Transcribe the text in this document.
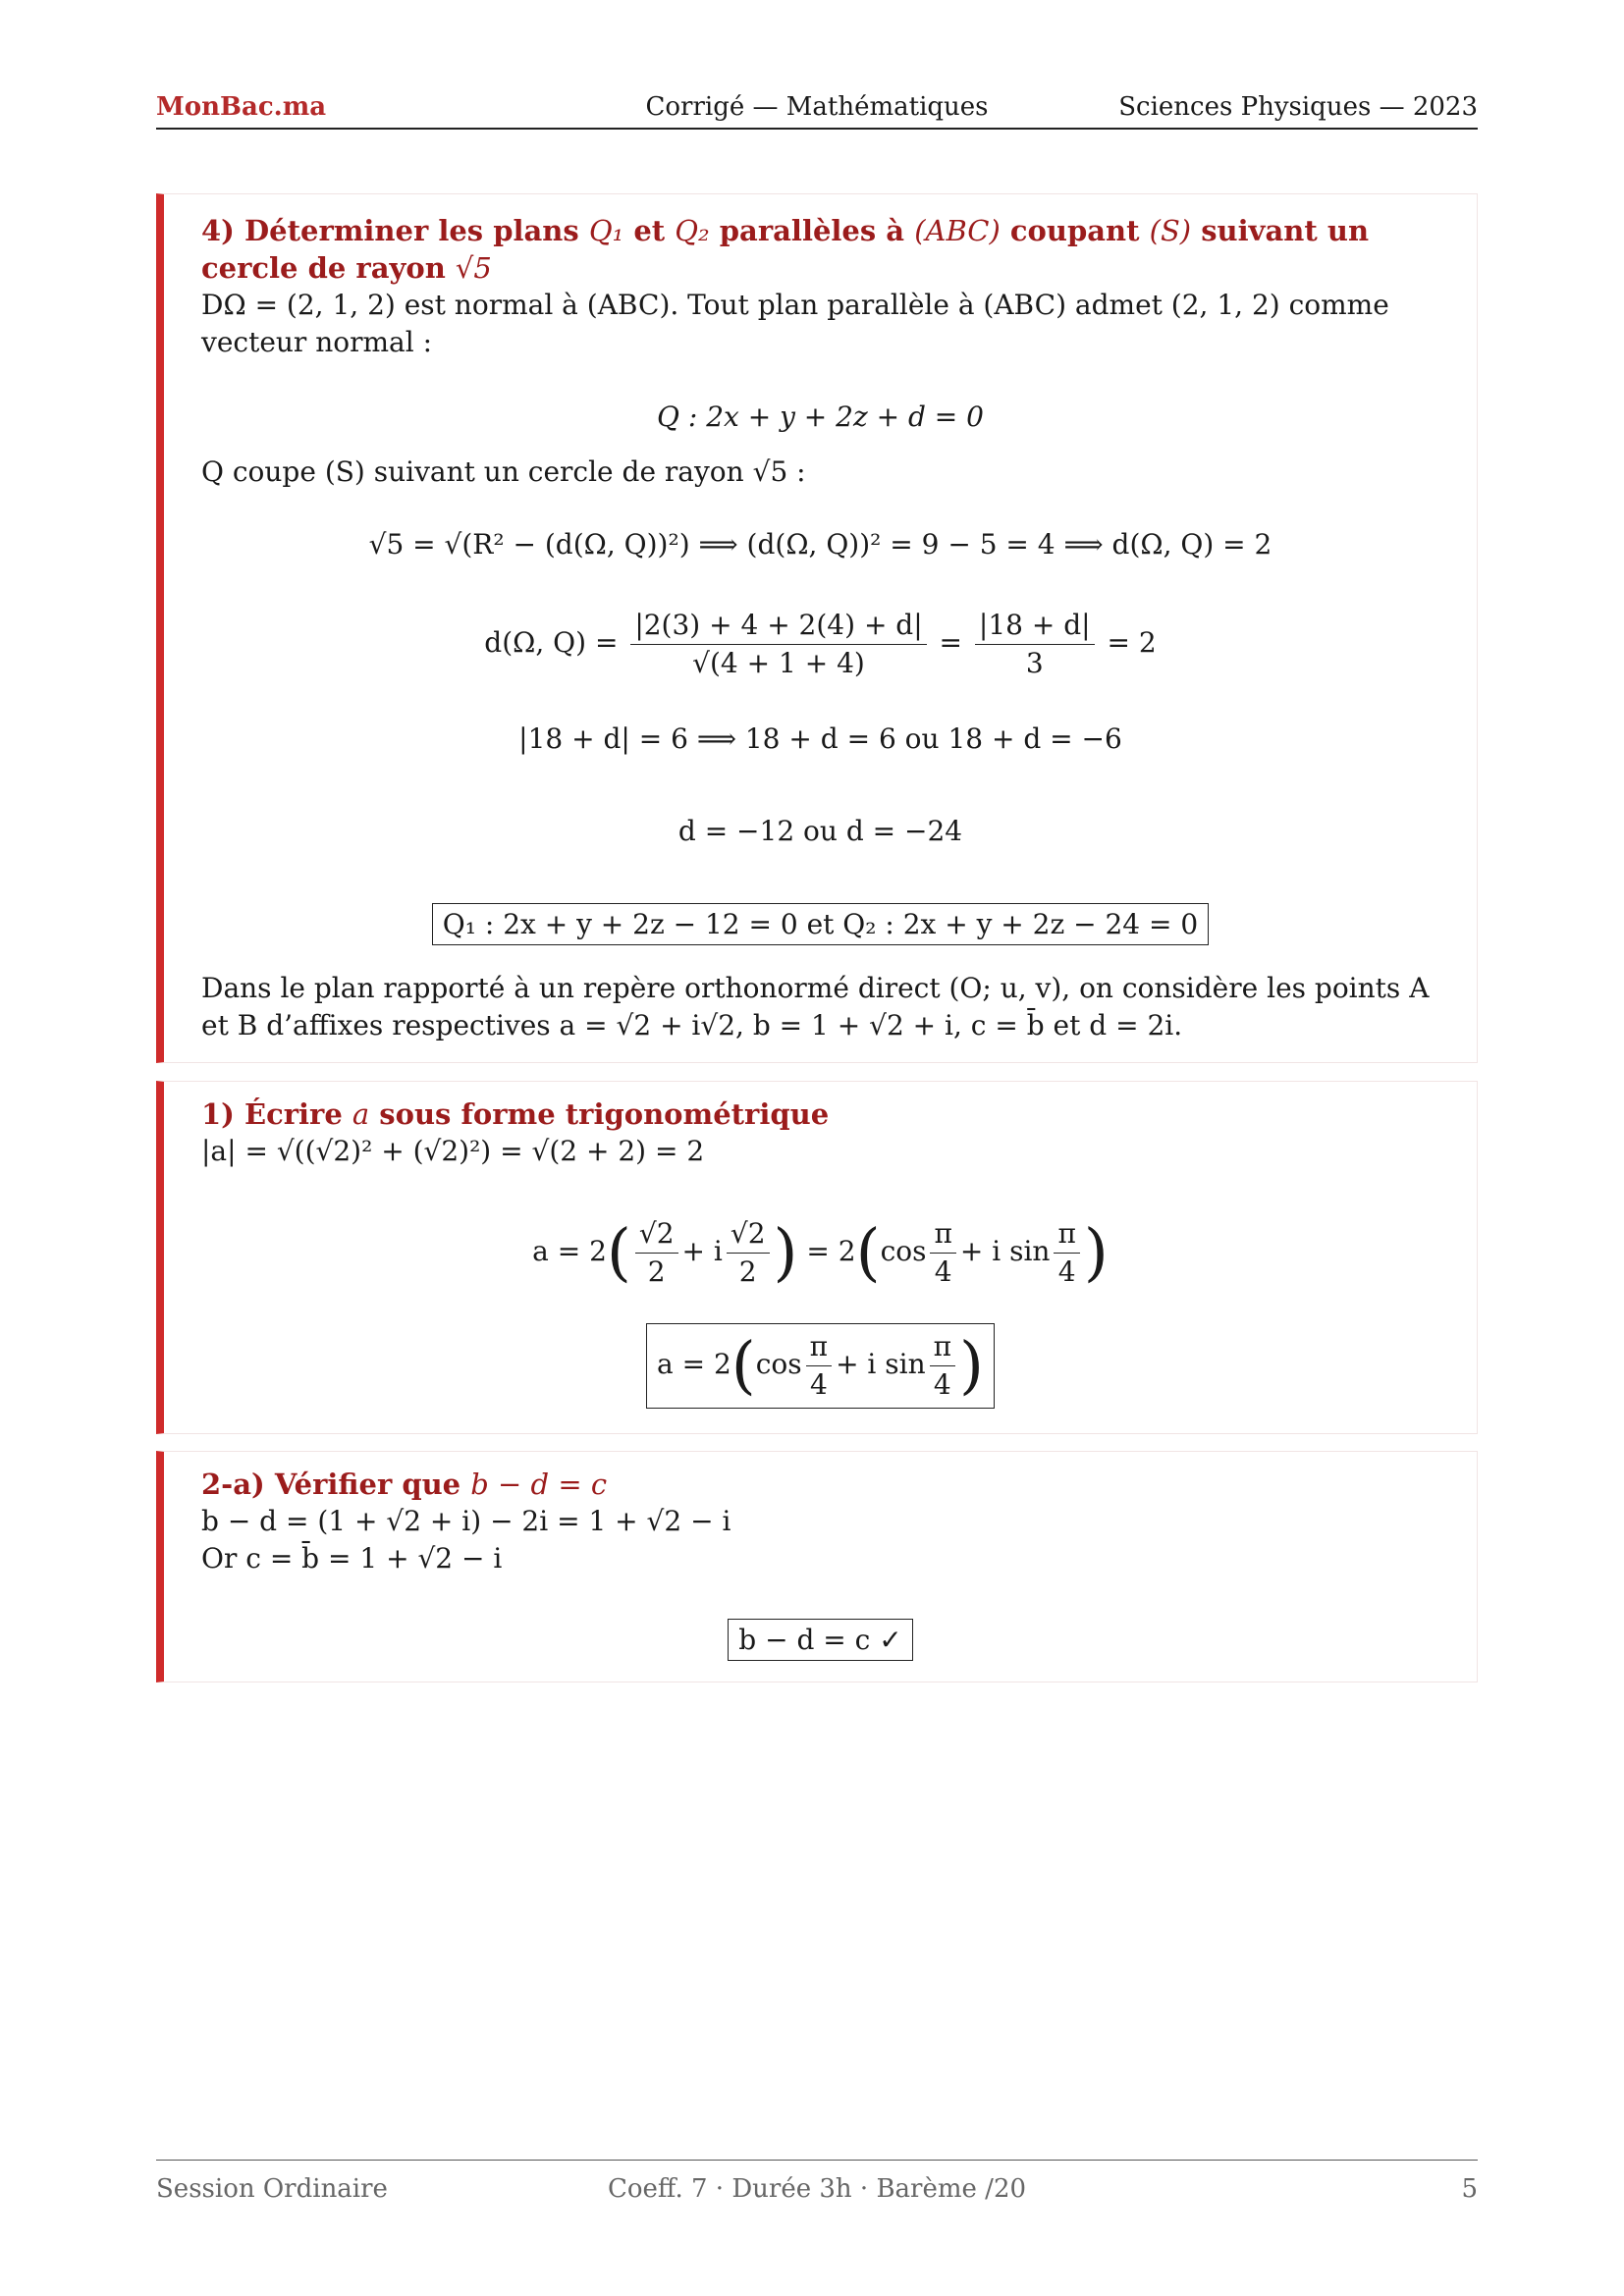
Corrigé — Mathématiques
MonBac.ma	Sciences Physiques — 2023
4) Déterminer les plans Q₁ et Q₂ parallèles à (ABC) coupant (S) suivant un cercle de rayon √5
DΩ = (2, 1, 2) est normal à (ABC). Tout plan parallèle à (ABC) admet (2, 1, 2) comme vecteur normal :
Q : 2x + y + 2z + d = 0
Q coupe (S) suivant un cercle de rayon √5 :
√5 = √(R² − (d(Ω, Q))²) ⟹ (d(Ω, Q))² = 9 − 5 = 4 ⟹ d(Ω, Q) = 2
d(Ω, $Q) = \frac{|2(3) + 4 + 2(4) + d|}{√(4 + 1 + 4)} = \frac{|18 + d|}{3} = 2$
|18 + d| = 6 ⟹ 18 + d = 6 ou 18 + d = −6
d = −12 ou d = −24
Q₁ : 2x + y + 2z − 12 = 0 et Q₂ : 2x + y + 2z − 24 = 0
Dans le plan rapporté à un repère orthonormé direct (O; u, v), on considère les points A et B d’affixes respectives a = √2 + i√2, b = 1 + √2 + i, c = b̄ et d = 2i.
1) Écrire a sous forme trigonométrique
|a| = √((√2)² + (√2)²) = √(2 + 2) = 2
$a = 2( \frac{√2}{2} + i \frac{√2}{2}$ ) = $2(\cos \frac{\pi}{4} + i$ $\sin \frac{\pi}{4}$ )
$a = 2(\cos \frac{\pi}{4} + i$ $\sin \frac{\pi}{4}$ )
2-a) Vérifier que b − d = c
b − d = (1 + √2 + i) − 2i = 1 + √2 − i
Or c = b̄ = 1 + √2 − i
b − d = c ✓
Coeff. 7 · Durée 3h · Barème /20
Session Ordinaire	5
